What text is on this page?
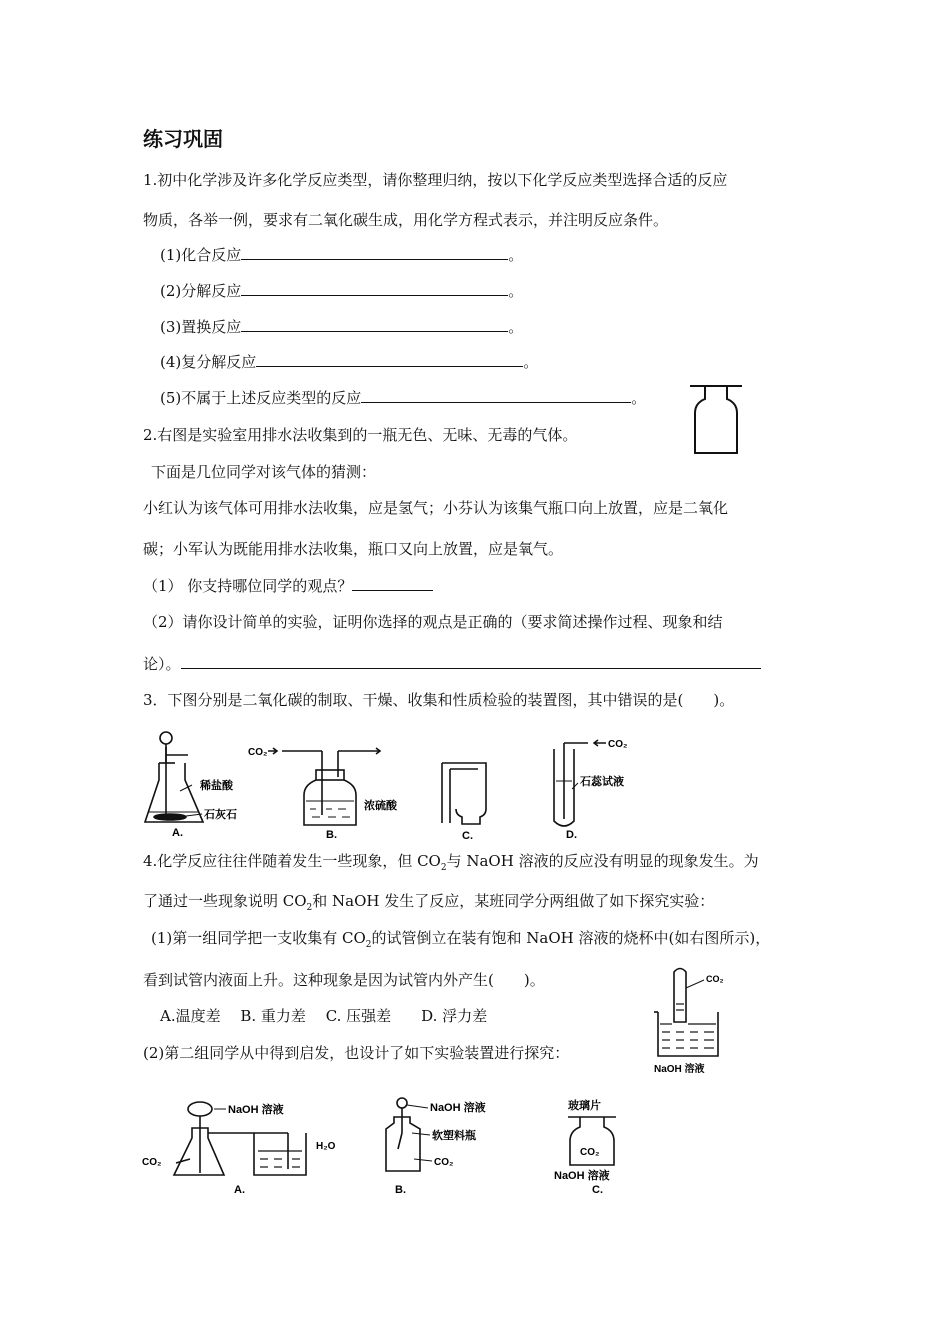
练习巩固
1.初中化学涉及许多化学反应类型，请你整理归纳，按以下化学反应类型选择合适的反应
物质，各举一例，要求有二氧化碳生成，用化学方程式表示，并注明反应条件。
(1)化合反应	。
(2)分解反应	。
(3)置换反应	。
(4)复分解反应	。
(5)不属于上述反应类型的反应	。
2.右图是实验室用排水法收集到的一瓶无色、无味、无毒的气体。
下面是几位同学对该气体的猜测：
小红认为该气体可用排水法收集，应是氢气；小芬认为该集气瓶口向上放置，应是二氧化
碳；小军认为既能用排水法收集，瓶口又向上放置，应是氧气。
（1） 你支持哪位同学的观点？
（2）请你设计简单的实验，证明你选择的观点是正确的（要求简述操作过程、现象和结
论）。
3．下图分别是二氧化碳的制取、干燥、收集和性质检验的装置图，其中错误的是(　　)。
稀盐酸
石灰石
A.
CO₂
浓硫酸
B.	C.
CO₂
石蕊试液
D.
4.化学反应往往伴随着发生一些现象，但 $CO_2$与 NaOH 溶液的反应没有明显的现象发生。为
了通过一些现象说明 $CO_2$和 NaOH 发生了反应，某班同学分两组做了如下探究实验：
(1)第一组同学把一支收集有 $CO_2$的试管倒立在装有饱和 NaOH 溶液的烧杯中(如右图所示)，
看到试管内液面上升。这种现象是因为试管内外产生(　　)。
A.温度差　 B. 重力差　 C. 压强差　　D. 浮力差
(2)第二组同学从中得到启发，也设计了如下实验装置进行探究：
CO₂
NaOH 溶液
NaOH 溶液
H₂O
CO₂
A.
NaOH 溶液
软塑料瓶
CO₂
B.
玻璃片
CO₂
NaOH 溶液
C.
